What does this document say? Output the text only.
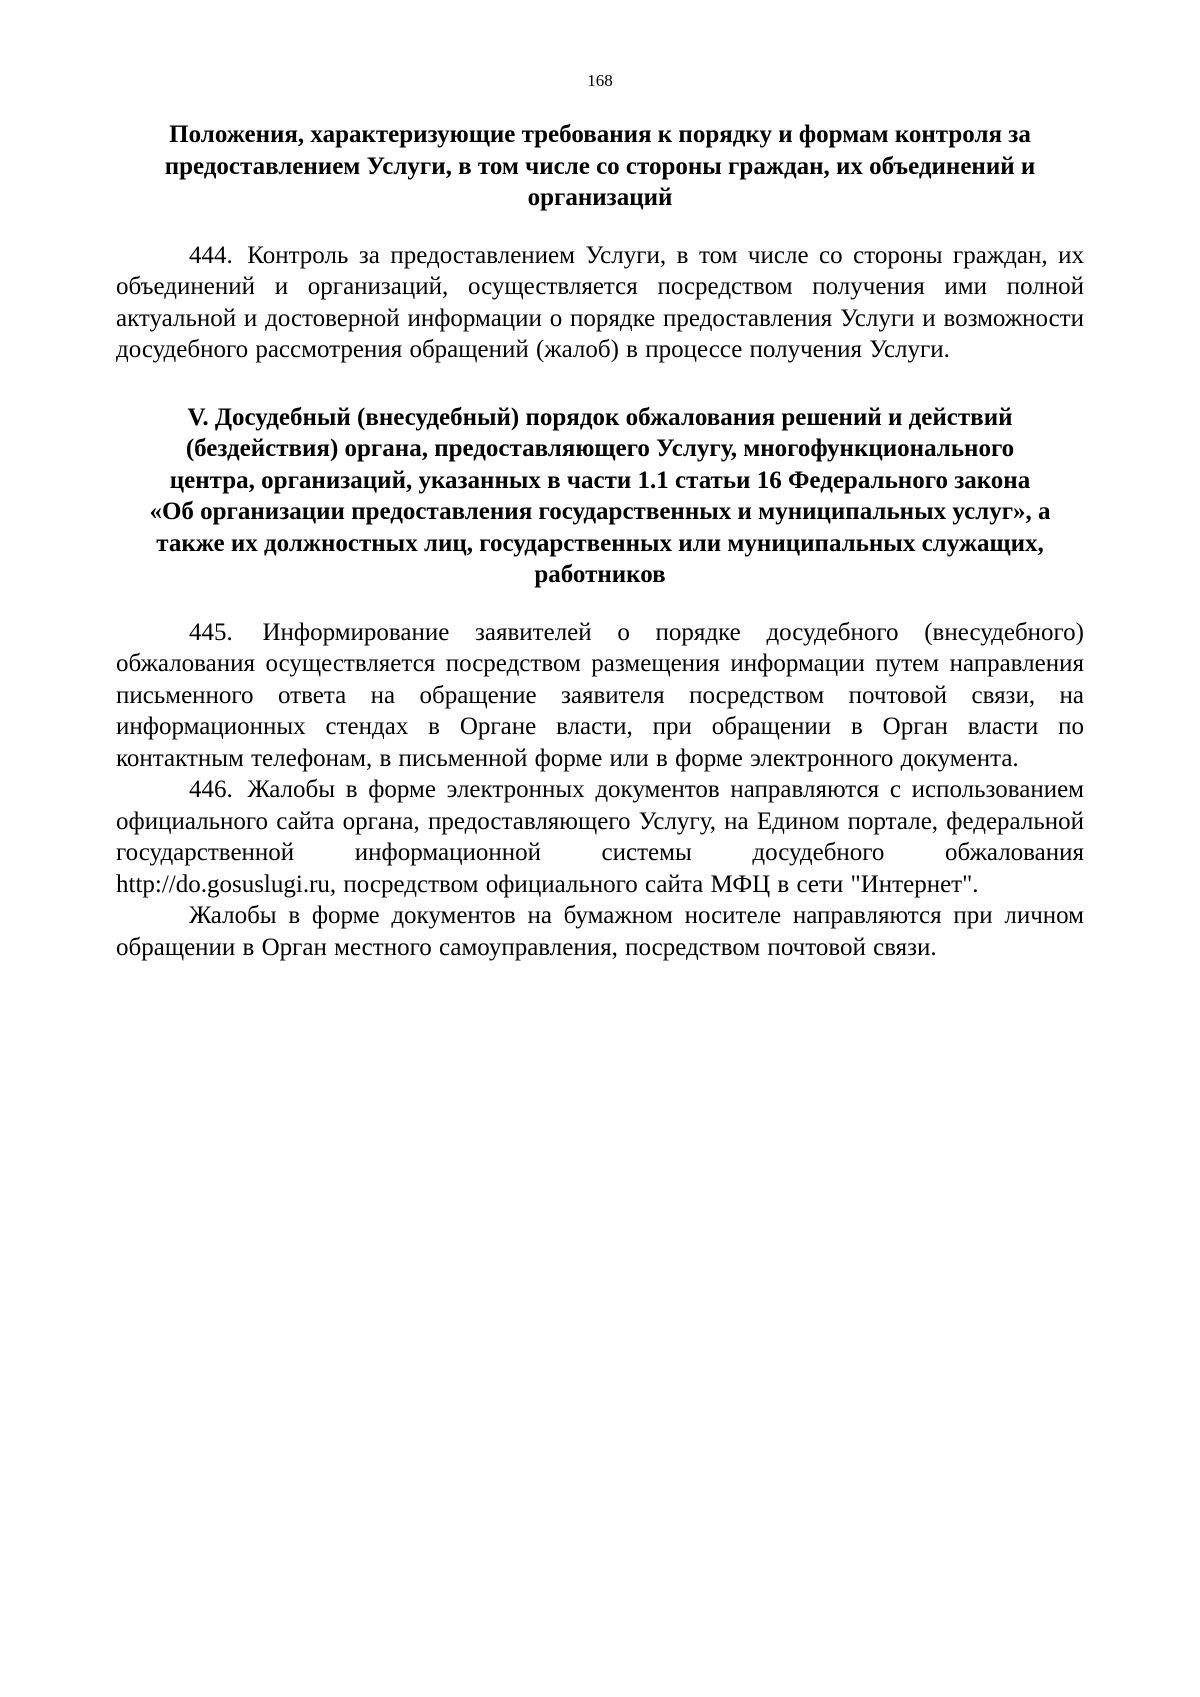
168
Положения, характеризующие требования к порядку и формам контроля за
предоставлением Услуги, в том числе со стороны граждан, их объединений и
организаций

444. Контроль за предоставлением Услуги, в том числе со стороны граждан, их объединений и организаций, осуществляется посредством получения ими полной актуальной и достоверной информации о порядке предоставления Услуги и возможности досудебного рассмотрения обращений (жалоб) в процессе получения Услуги.

V. Досудебный (внесудебный) порядок обжалования решений и действий
(бездействия) органа, предоставляющего Услугу, многофункционального
центра, организаций, указанных в части 1.1 статьи 16 Федерального закона
«Об организации предоставления государственных и муниципальных услуг», а
также их должностных лиц, государственных или муниципальных служащих,
работников

445. Информирование заявителей о порядке досудебного (внесудебного) обжалования осуществляется посредством размещения информации путем направления письменного ответа на обращение заявителя посредством почтовой связи, на информационных стендах в Органе власти, при обращении в Орган власти по контактным телефонам, в письменной форме или в форме электронного документа.

446. Жалобы в форме электронных документов направляются с использованием официального сайта органа, предоставляющего Услугу, на Едином портале, федеральной государственной информационной системы досудебного обжалования http://do.gosuslugi.ru, посредством официального сайта МФЦ в сети "Интернет".

Жалобы в форме документов на бумажном носителе направляются при личном обращении в Орган местного самоуправления, посредством почтовой связи.
